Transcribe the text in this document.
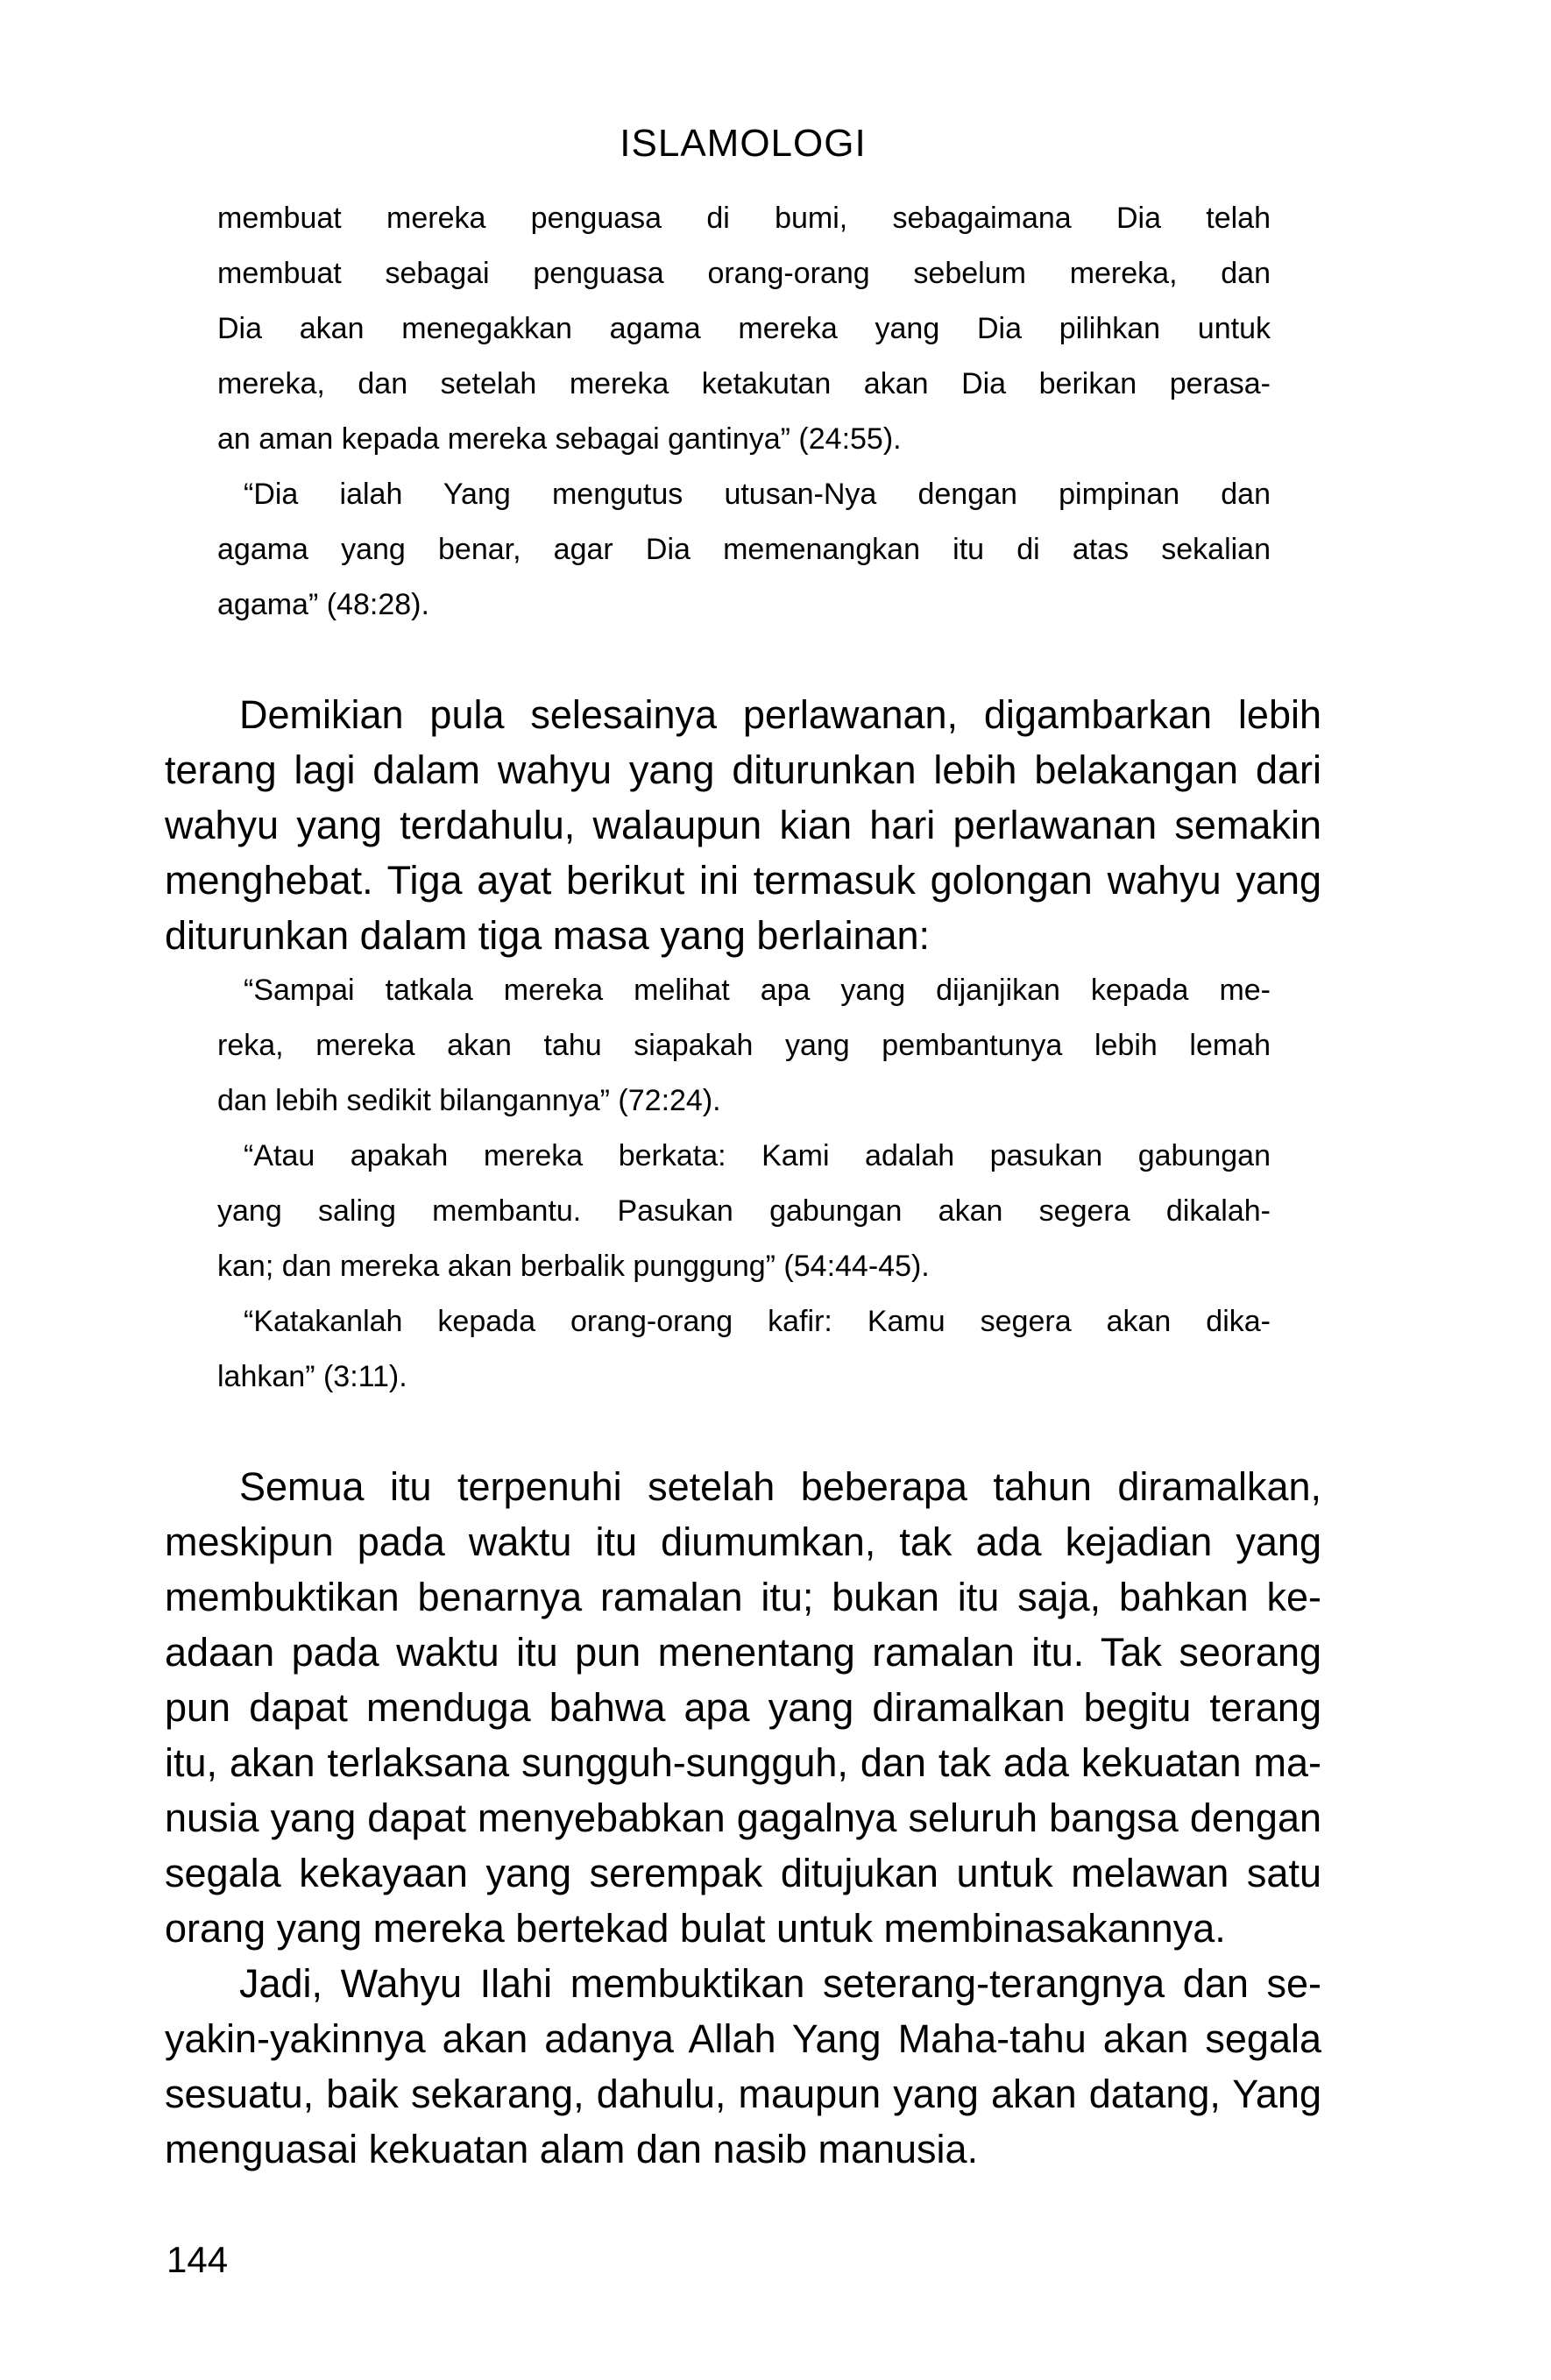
ISLAMOLOGI
membuat mereka penguasa di bumi, sebagaimana Dia telah
membuat sebagai penguasa orang-orang sebelum mereka, dan
Dia akan menegakkan agama mereka yang Dia pilihkan untuk
mereka, dan setelah mereka ketakutan akan Dia berikan perasa-
an aman kepada mereka sebagai gantinya” (24:55).
“Dia ialah Yang mengutus utusan-Nya dengan pimpinan dan
agama yang benar, agar Dia memenangkan itu di atas sekalian
agama” (48:28).
Demikian pula selesainya perlawanan, digambarkan lebih
terang lagi dalam wahyu yang diturunkan lebih belakangan dari
wahyu yang terdahulu, walaupun kian hari perlawanan semakin
menghebat. Tiga ayat berikut ini termasuk golongan wahyu yang
diturunkan dalam tiga masa yang berlainan:
“Sampai tatkala mereka melihat apa yang dijanjikan kepada me-
reka, mereka akan tahu siapakah yang pembantunya lebih lemah
dan lebih sedikit bilangannya” (72:24).
“Atau apakah mereka berkata: Kami adalah pasukan gabungan
yang saling membantu. Pasukan gabungan akan segera dikalah-
kan; dan mereka akan berbalik punggung” (54:44-45).
“Katakanlah kepada orang-orang kafir: Kamu segera akan dika-
lahkan” (3:11).
Semua itu terpenuhi setelah beberapa tahun diramalkan,
meskipun pada waktu itu diumumkan, tak ada kejadian yang
membuktikan benarnya ramalan itu; bukan itu saja, bahkan ke-
adaan pada waktu itu pun menentang ramalan itu. Tak seorang
pun dapat menduga bahwa apa yang diramalkan begitu terang
itu, akan terlaksana sungguh-sungguh, dan tak ada kekuatan ma-
nusia yang dapat menyebabkan gagalnya seluruh bangsa dengan
segala kekayaan yang serempak ditujukan untuk melawan satu
orang yang mereka bertekad bulat untuk membinasakannya.
Jadi, Wahyu Ilahi membuktikan seterang-terangnya dan se-
yakin-yakinnya akan adanya Allah Yang Maha-tahu akan segala
sesuatu, baik sekarang, dahulu, maupun yang akan datang, Yang
menguasai kekuatan alam dan nasib manusia.
144
